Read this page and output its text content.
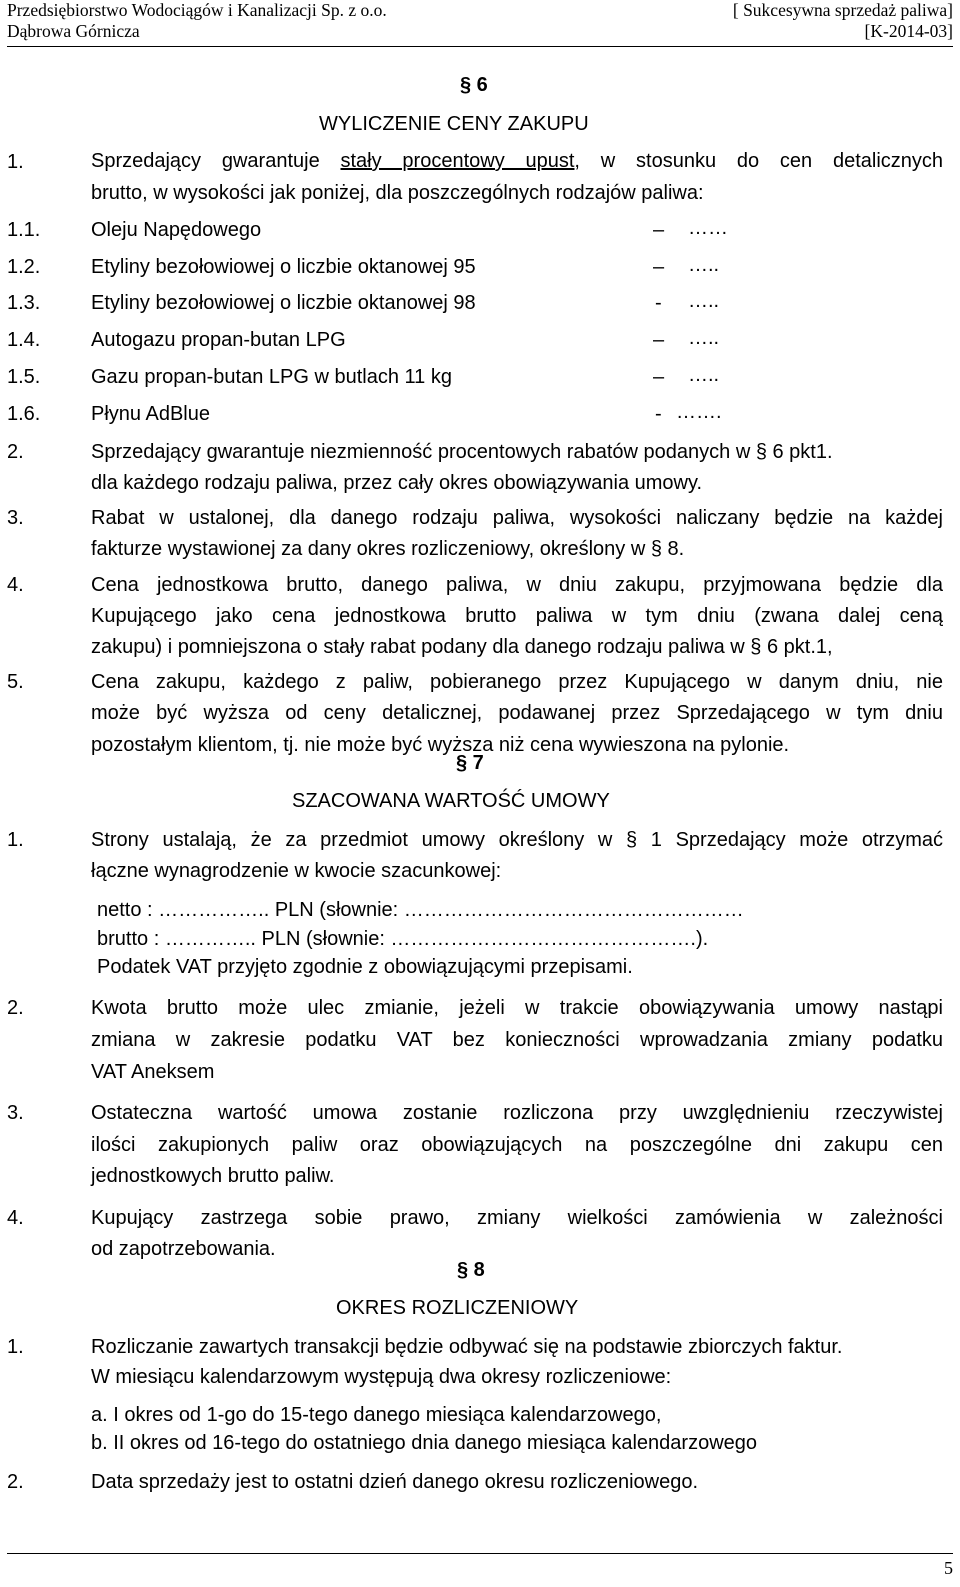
Przedsiębiorstwo Wodociągów i Kanalizacji Sp. z o.o.
Dąbrowa Górnicza
[ Sukcesywna sprzedaż paliwa]
[K-2014-03]
§ 6
WYLICZENIE CENY ZAKUPU
1.	Sprzedający gwarantuje stały procentowy upust, w stosunku do cen detalicznych
brutto, w wysokości jak poniżej, dla poszczególnych rodzajów paliwa:
1.1.	Oleju Napędowego	– ……
1.2.	Etyliny bezołowiowej o liczbie oktanowej 95	– …..
1.3.	Etyliny bezołowiowej o liczbie oktanowej 98	- …..
1.4.	Autogazu propan-butan LPG	– …..
1.5.	Gazu propan-butan LPG w butlach 11 kg	– …..
1.6.	Płynu AdBlue	- …….
2.	Sprzedający gwarantuje niezmienność procentowych rabatów podanych w § 6 pkt1.
dla każdego rodzaju paliwa, przez cały okres obowiązywania umowy.
3.	Rabat w ustalonej, dla danego rodzaju paliwa, wysokości naliczany będzie na każdej
fakturze wystawionej za dany okres rozliczeniowy, określony w § 8.
4.	Cena jednostkowa brutto, danego paliwa, w dniu zakupu, przyjmowana będzie dla
Kupującego jako cena jednostkowa brutto paliwa w tym dniu (zwana dalej ceną
zakupu) i pomniejszona o stały rabat podany dla danego rodzaju paliwa w § 6 pkt.1,
5.	Cena zakupu, każdego z paliw, pobieranego przez Kupującego w danym dniu, nie
może być wyższa od ceny detalicznej, podawanej przez Sprzedającego w tym dniu
pozostałym klientom, tj. nie może być wyższa niż cena wywieszona na pylonie.
§ 7
SZACOWANA WARTOŚĆ UMOWY
1.	Strony ustalają, że za przedmiot umowy określony w § 1 Sprzedający może otrzymać
łączne wynagrodzenie w kwocie szacunkowej:
netto : …………….. PLN (słownie: ……………………………………………
brutto : ………….. PLN (słownie: ……………………………………….).
Podatek VAT przyjęto zgodnie z obowiązującymi przepisami.
2.	Kwota brutto może ulec zmianie, jeżeli w trakcie obowiązywania umowy nastąpi
zmiana w zakresie podatku VAT bez konieczności wprowadzania zmiany podatku
VAT Aneksem
3.	Ostateczna wartość umowa zostanie rozliczona przy uwzględnieniu rzeczywistej
ilości zakupionych paliw oraz obowiązujących na poszczególne dni zakupu cen
jednostkowych brutto paliw.
4.	Kupujący zastrzega sobie prawo, zmiany wielkości zamówienia w zależności
od zapotrzebowania.
§ 8
OKRES ROZLICZENIOWY
1.	Rozliczanie zawartych transakcji będzie odbywać się na podstawie zbiorczych faktur.
W miesiącu kalendarzowym występują dwa okresy rozliczeniowe:
a. I okres od 1-go do 15-tego danego miesiąca kalendarzowego,
b. II okres od 16-tego do ostatniego dnia danego miesiąca kalendarzowego
2.	Data sprzedaży jest to ostatni dzień danego okresu rozliczeniowego.
5
